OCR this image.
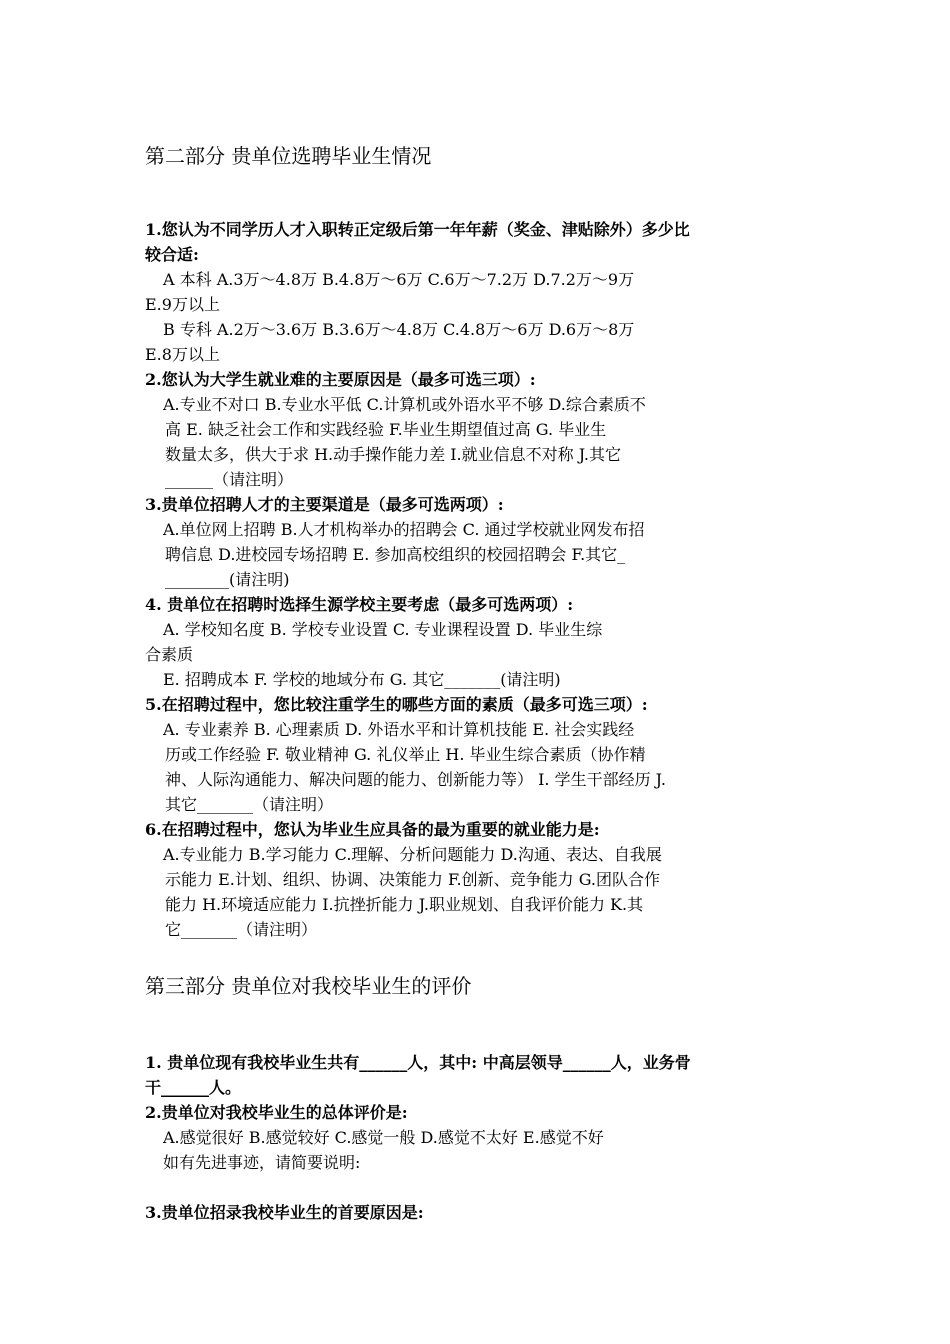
第二部分 贵单位选聘毕业生情况
1.您认为不同学历人才入职转正定级后第一年年薪（奖金、津贴除外）多少比
较合适:
A 本科 A.3万～4.8万 B.4.8万～6万 C.6万～7.2万 D.7.2万～9万
E.9万以上
B 专科 A.2万～3.6万 B.3.6万～4.8万 C.4.8万～6万 D.6万～8万
E.8万以上
2.您认为大学生就业难的主要原因是（最多可选三项）:
A.专业不对口 B.专业水平低 C.计算机或外语水平不够 D.综合素质不
高 E. 缺乏社会工作和实践经验 F.毕业生期望值过高 G. 毕业生
数量太多，供大于求 H.动手操作能力差 I.就业信息不对称 J.其它
______（请注明）
3.贵单位招聘人才的主要渠道是（最多可选两项）:
A.单位网上招聘 B.人才机构举办的招聘会 C. 通过学校就业网发布招
聘信息 D.进校园专场招聘 E. 参加高校组织的校园招聘会 F.其它_
________(请注明)
4. 贵单位在招聘时选择生源学校主要考虑（最多可选两项）:
A. 学校知名度 B. 学校专业设置 C. 专业课程设置 D. 毕业生综
合素质
E. 招聘成本 F. 学校的地域分布 G. 其它_______(请注明)
5.在招聘过程中，您比较注重学生的哪些方面的素质（最多可选三项）:
A. 专业素养 B. 心理素质 D. 外语水平和计算机技能 E. 社会实践经
历或工作经验 F. 敬业精神 G. 礼仪举止 H. 毕业生综合素质（协作精
神、人际沟通能力、解决问题的能力、创新能力等） I. 学生干部经历 J.
其它_______（请注明）
6.在招聘过程中，您认为毕业生应具备的最为重要的就业能力是:
A.专业能力 B.学习能力 C.理解、分析问题能力 D.沟通、表达、自我展
示能力 E.计划、组织、协调、决策能力 F.创新、竞争能力 G.团队合作
能力 H.环境适应能力 I.抗挫折能力 J.职业规划、自我评价能力 K.其
它_______（请注明）
第三部分 贵单位对我校毕业生的评价
1. 贵单位现有我校毕业生共有______人，其中: 中高层领导______人，业务骨
干______人。
2.贵单位对我校毕业生的总体评价是:
A.感觉很好 B.感觉较好 C.感觉一般 D.感觉不太好 E.感觉不好
如有先进事迹，请简要说明:
3.贵单位招录我校毕业生的首要原因是:
